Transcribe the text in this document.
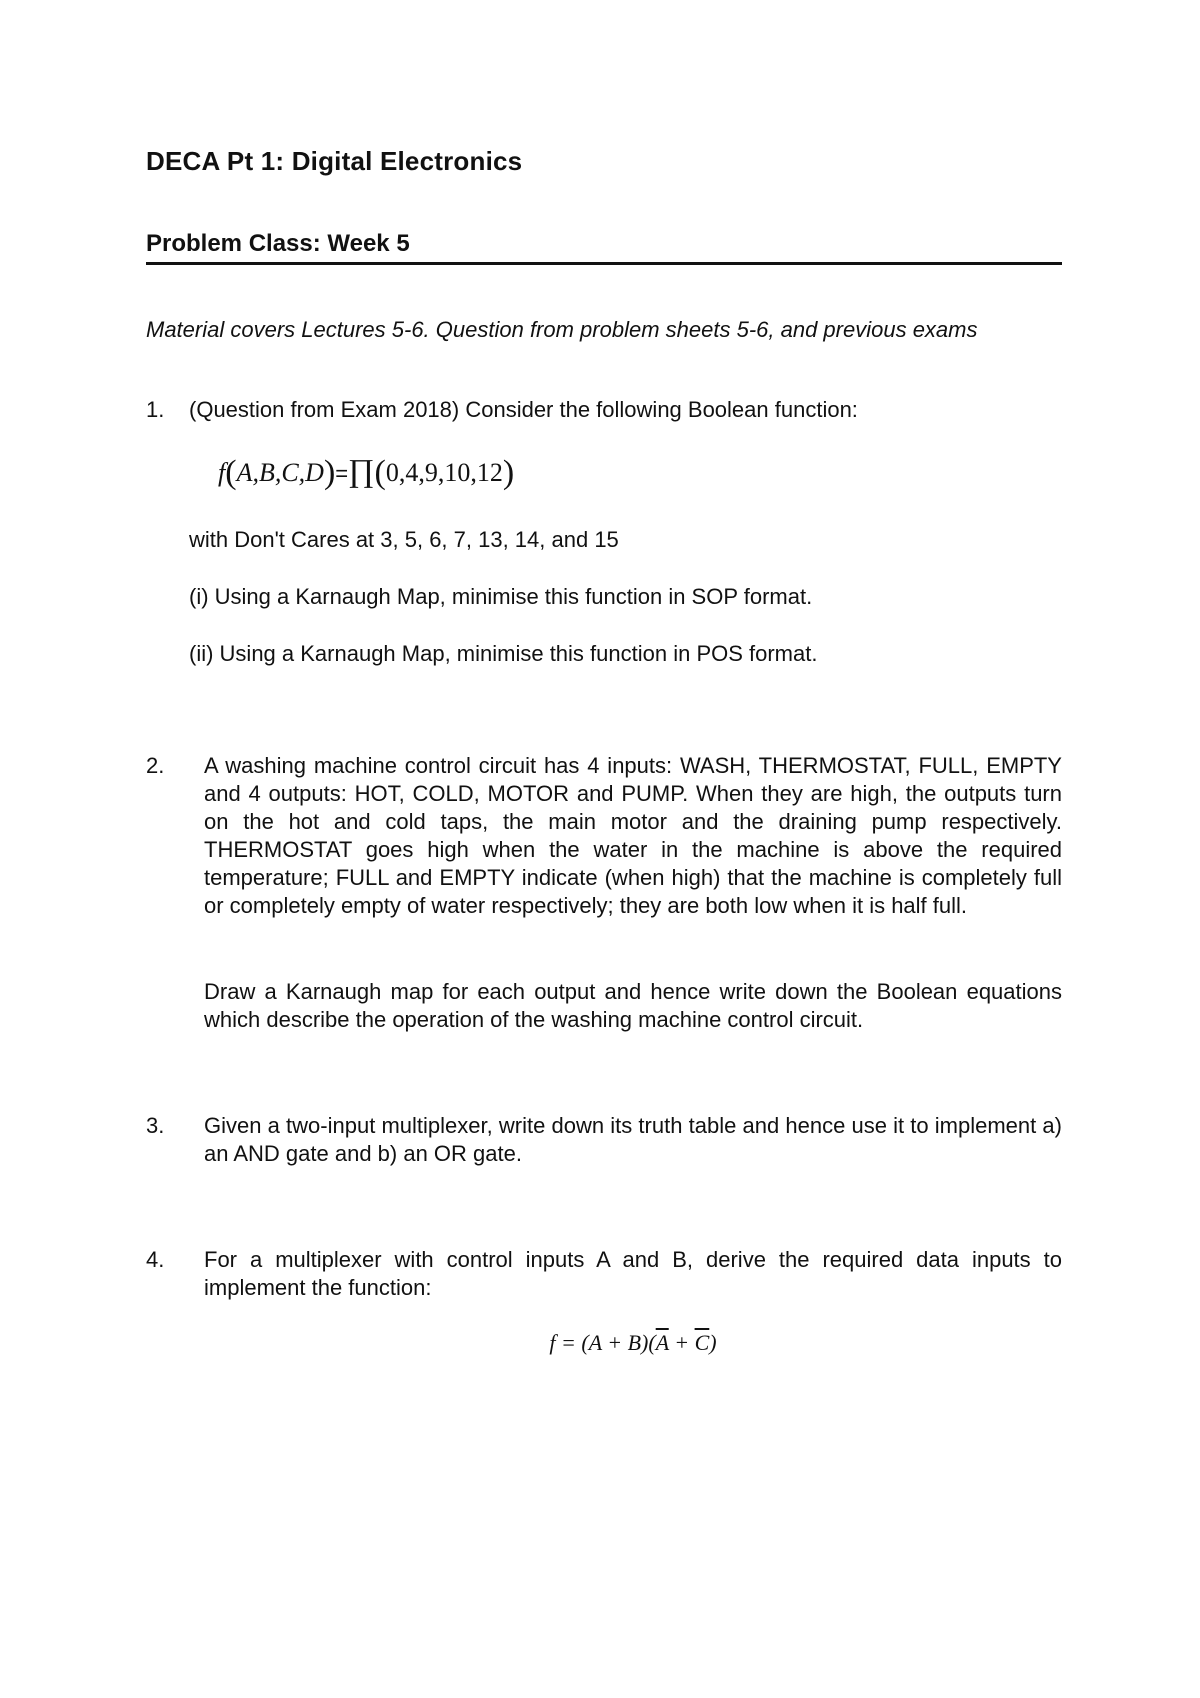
DECA Pt 1: Digital Electronics
Problem Class: Week 5
Material covers Lectures 5-6. Question from problem sheets 5-6, and previous exams
1. (Question from Exam 2018) Consider the following Boolean function:
f(A,B,C,D)=∏(0,4,9,10,12)
with Don't Cares at 3, 5, 6, 7, 13, 14, and 15
(i) Using a Karnaugh Map, minimise this function in SOP format.
(ii) Using a Karnaugh Map, minimise this function in POS format.
2. A washing machine control circuit has 4 inputs: WASH, THERMOSTAT, FULL, EMPTY and 4 outputs: HOT, COLD, MOTOR and PUMP. When they are high, the outputs turn on the hot and cold taps, the main motor and the draining pump respectively. THERMOSTAT goes high when the water in the machine is above the required temperature; FULL and EMPTY indicate (when high) that the machine is completely full or completely empty of water respectively; they are both low when it is half full.
Draw a Karnaugh map for each output and hence write down the Boolean equations which describe the operation of the washing machine control circuit.
3. Given a two-input multiplexer, write down its truth table and hence use it to implement a) an AND gate and b) an OR gate.
4. For a multiplexer with control inputs A and B, derive the required data inputs to implement the function:
$f = (A + B)(\overline{A} + \overline{C})$
